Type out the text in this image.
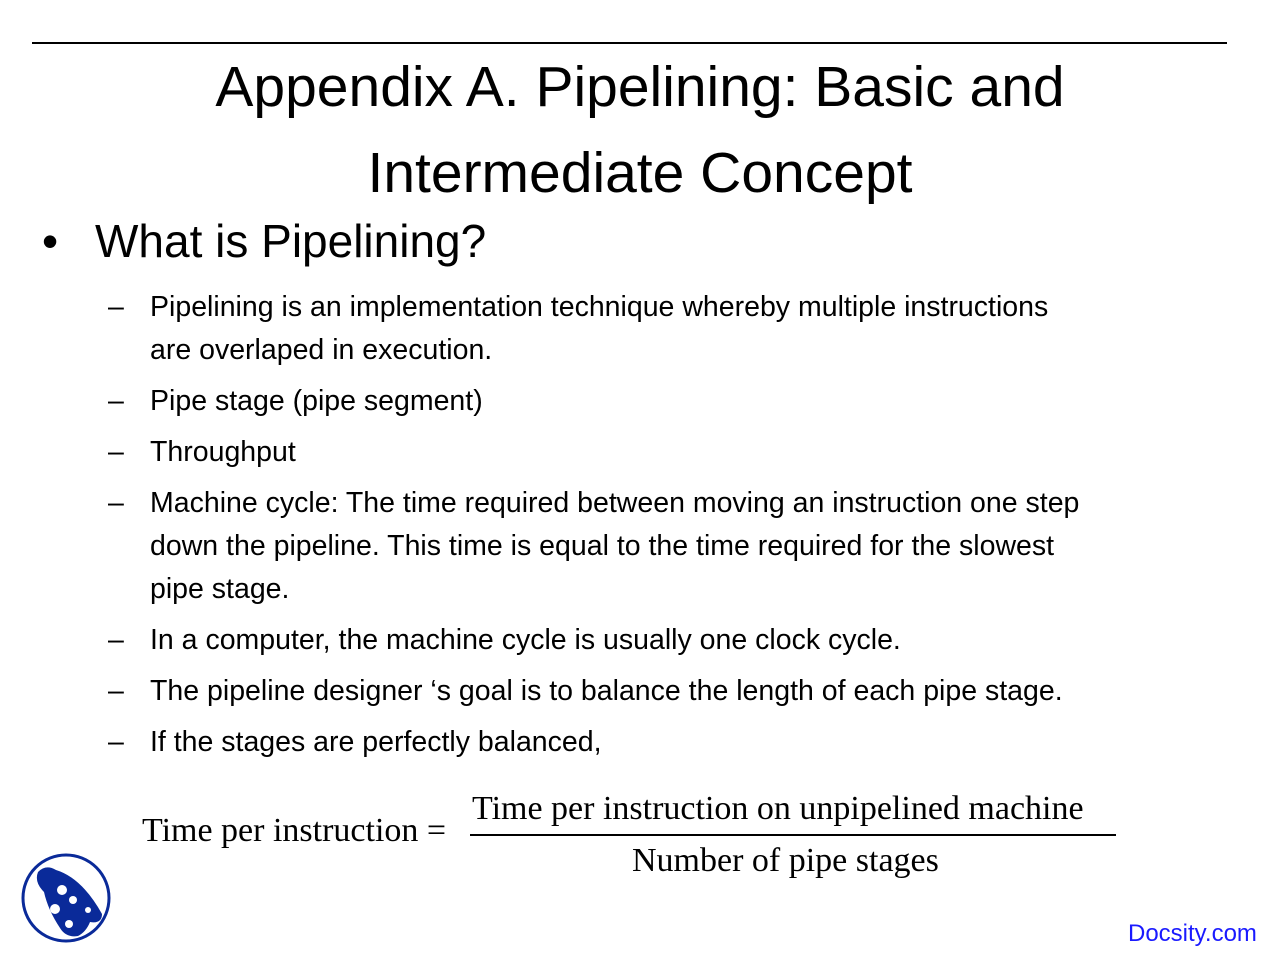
Appendix A. Pipelining: Basic and
Intermediate Concept
• What is Pipelining?
– Pipelining is an implementation technique whereby multiple instructions
are overlaped in execution.
– Pipe stage (pipe segment)
– Throughput
– Machine cycle: The time required between moving an instruction one step
down the pipeline. This time is equal to the time required for the slowest
pipe stage.
– In a computer, the machine cycle is usually one clock cycle.
– The pipeline designer ‘s goal is to balance the length of each pipe stage.
– If the stages are perfectly balanced,
Time per instruction =
Time per instruction on unpipelined machine
Number of pipe stages
Docsity.com
